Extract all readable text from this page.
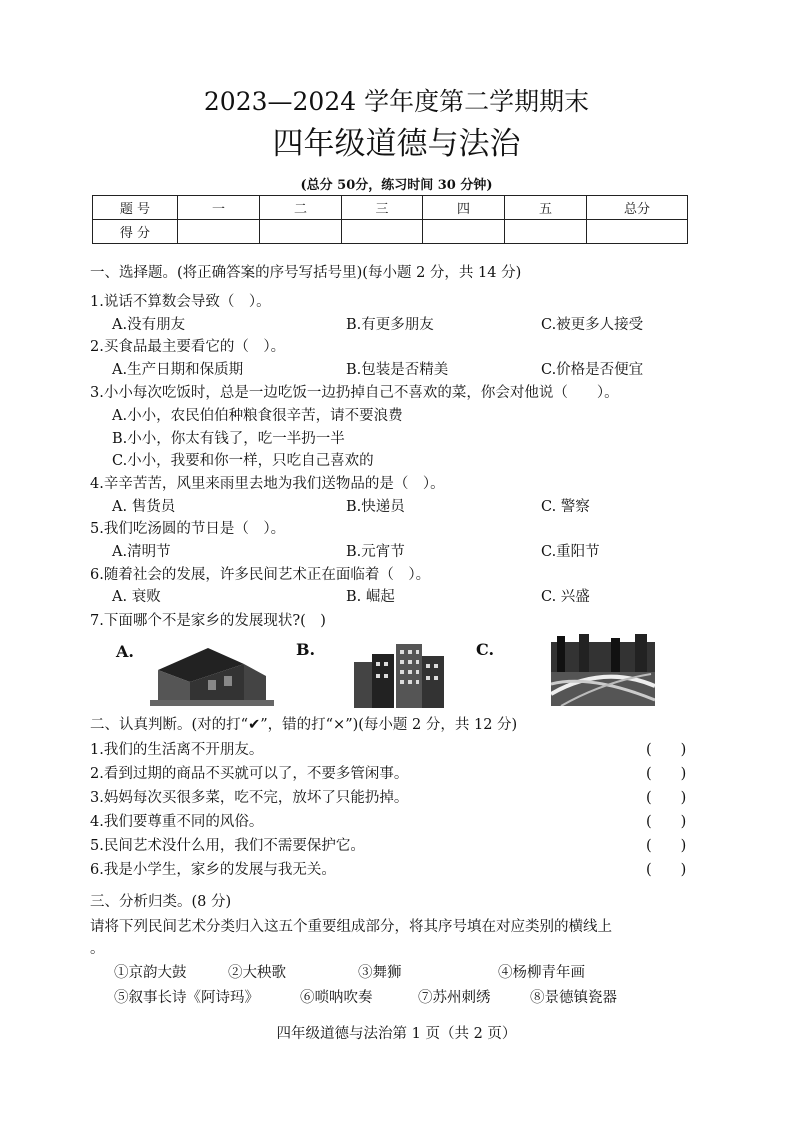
2023—2024 学年度第二学期期末
四年级道德与法治
(总分 50分，练习时间 30 分钟)
题 号	一	二	三	四	五	总分
得 分						
一、选择题。(将正确答案的序号写括号里)(每小题 2 分，共 14 分)
1.说话不算数会导致（　）。
A.没有朋友	B.有更多朋友	C.被更多人接受
2.买食品最主要看它的（　）。
A.生产日期和保质期	B.包装是否精美	C.价格是否便宜
3.小小每次吃饭时，总是一边吃饭一边扔掉自己不喜欢的菜，你会对他说（　　）。
A.小小，农民伯伯种粮食很辛苦，请不要浪费
B.小小，你太有钱了，吃一半扔一半
C.小小，我要和你一样，只吃自己喜欢的
4.辛辛苦苦，风里来雨里去地为我们送物品的是（　）。
A. 售货员	B.快递员	C. 警察
5.我们吃汤圆的节日是（　）。
A.清明节	B.元宵节	C.重阳节
6.随着社会的发展，许多民间艺术正在面临着（　）。
A. 衰败	B. 崛起	C. 兴盛
7.下面哪个不是家乡的发展现状?(　)
A.	B.	C.
二、认真判断。(对的打“✔”，错的打“×”)(每小题 2 分，共 12 分)
1.我们的生活离不开朋友。	(　　)
2.看到过期的商品不买就可以了，不要多管闲事。	(　　)
3.妈妈每次买很多菜，吃不完，放坏了只能扔掉。	(　　)
4.我们要尊重不同的风俗。	(　　)
5.民间艺术没什么用，我们不需要保护它。	(　　)
6.我是小学生，家乡的发展与我无关。	(　　)
三、分析归类。(8 分)
请将下列民间艺术分类归入这五个重要组成部分，将其序号填在对应类别的横线上
。
①京韵大鼓	②大秧歌	③舞狮	④杨柳青年画
⑤叙事长诗《阿诗玛》	⑥唢呐吹奏	⑦苏州刺绣	⑧景德镇瓷器
四年级道德与法治第 1 页（共 2 页）
